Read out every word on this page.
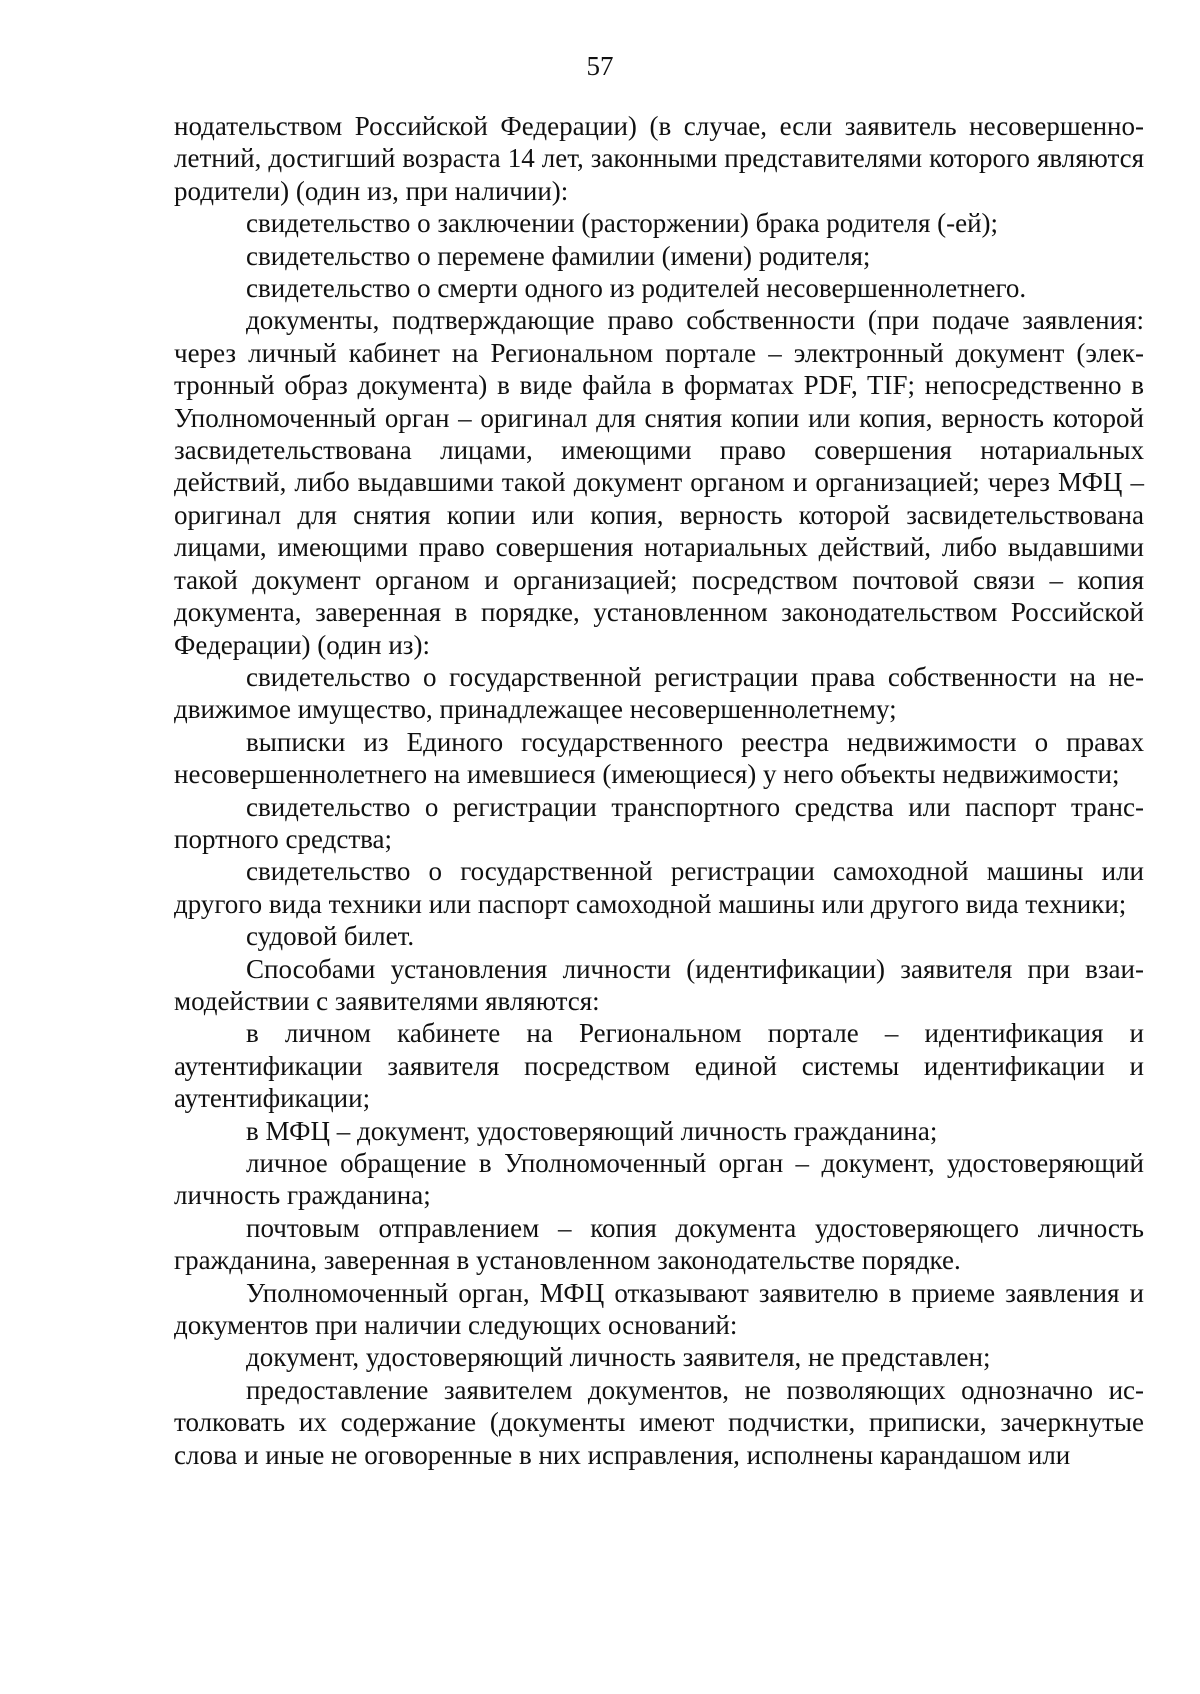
57

нодательством Российской Федерации) (в случае, если заявитель несовершеннолетний, достигший возраста 14 лет, законными представителями которого являются родители) (один из, при наличии):

свидетельство о заключении (расторжении) брака родителя (-ей);

свидетельство о перемене фамилии (имени) родителя;

свидетельство о смерти одного из родителей несовершеннолетнего.

документы, подтверждающие право собственности (при подаче заявления: через личный кабинет на Региональном портале – электронный документ (электронный образ документа) в виде файла в форматах PDF, TIF; непосредственно в Уполномоченный орган – оригинал для снятия копии или копия, верность которой засвидетельствована лицами, имеющими право совершения нотариальных действий, либо выдавшими такой документ органом и организацией; через МФЦ – оригинал для снятия копии или копия, верность которой засвидетельствована лицами, имеющими право совершения нотариальных действий, либо выдавшими такой документ органом и организацией; посредством почтовой связи – копия документа, заверенная в порядке, установленном законодательством Российской Федерации) (один из):

свидетельство о государственной регистрации права собственности на недвижимое имущество, принадлежащее несовершеннолетнему;

выписки из Единого государственного реестра недвижимости о правах несовершеннолетнего на имевшиеся (имеющиеся) у него объекты недвижимости;

свидетельство о регистрации транспортного средства или паспорт транспортного средства;

свидетельство о государственной регистрации самоходной машины или другого вида техники или паспорт самоходной машины или другого вида техники;

судовой билет.

Способами установления личности (идентификации) заявителя при взаимодействии с заявителями являются:

в личном кабинете на Региональном портале – идентификация и аутентификации заявителя посредством единой системы идентификации и аутентификации;

в МФЦ – документ, удостоверяющий личность гражданина;

личное обращение в Уполномоченный орган – документ, удостоверяющий личность гражданина;

почтовым отправлением – копия документа удостоверяющего личность гражданина, заверенная в установленном законодательстве порядке.

Уполномоченный орган, МФЦ отказывают заявителю в приеме заявления и документов при наличии следующих оснований:

документ, удостоверяющий личность заявителя, не представлен;

предоставление заявителем документов, не позволяющих однозначно истолковать их содержание (документы имеют подчистки, приписки, зачеркнутые слова и иные не оговоренные в них исправления, исполнены карандашом или
